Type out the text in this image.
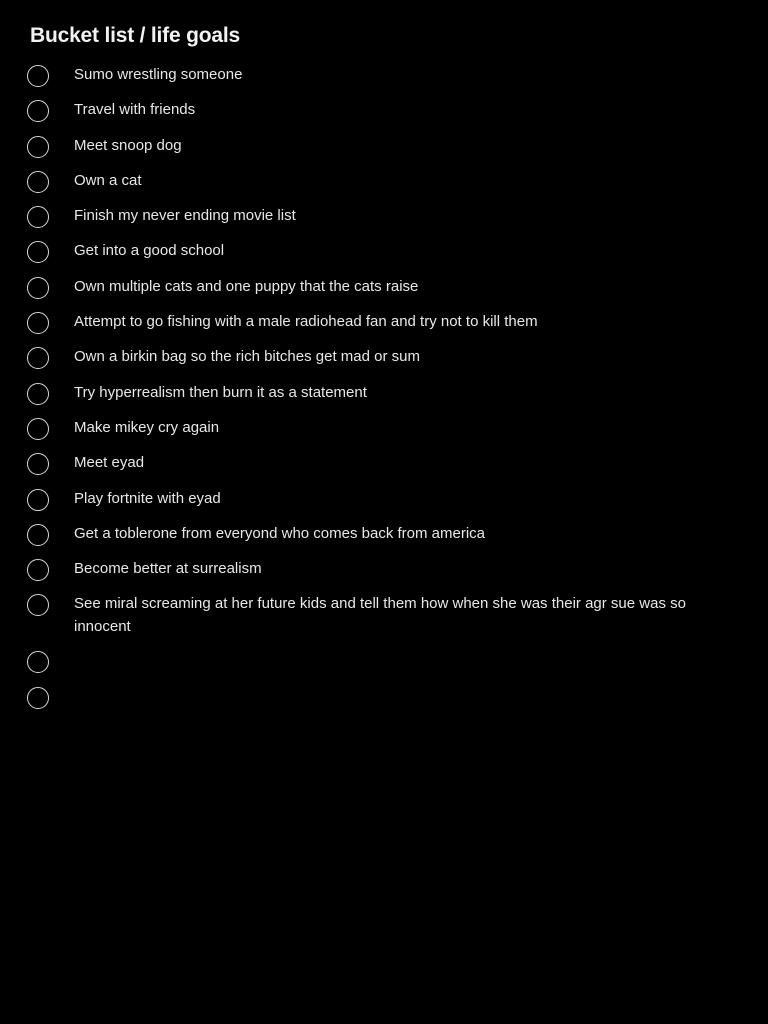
Bucket list / life goals
Sumo wrestling someone
Travel with friends
Meet snoop dog
Own a cat
Finish my never ending movie list
Get into a good school
Own multiple cats and one puppy that the cats raise
Attempt to go fishing with a male radiohead fan and try not to kill them
Own a birkin bag so the rich bitches get mad or sum
Try hyperrealism then burn it as a statement
Make mikey cry again
Meet eyad
Play fortnite with eyad
Get a toblerone from everyond who comes back from america
Become better at surrealism
See miral screaming at her future kids and tell them how when she was their agr sue was so innocent
